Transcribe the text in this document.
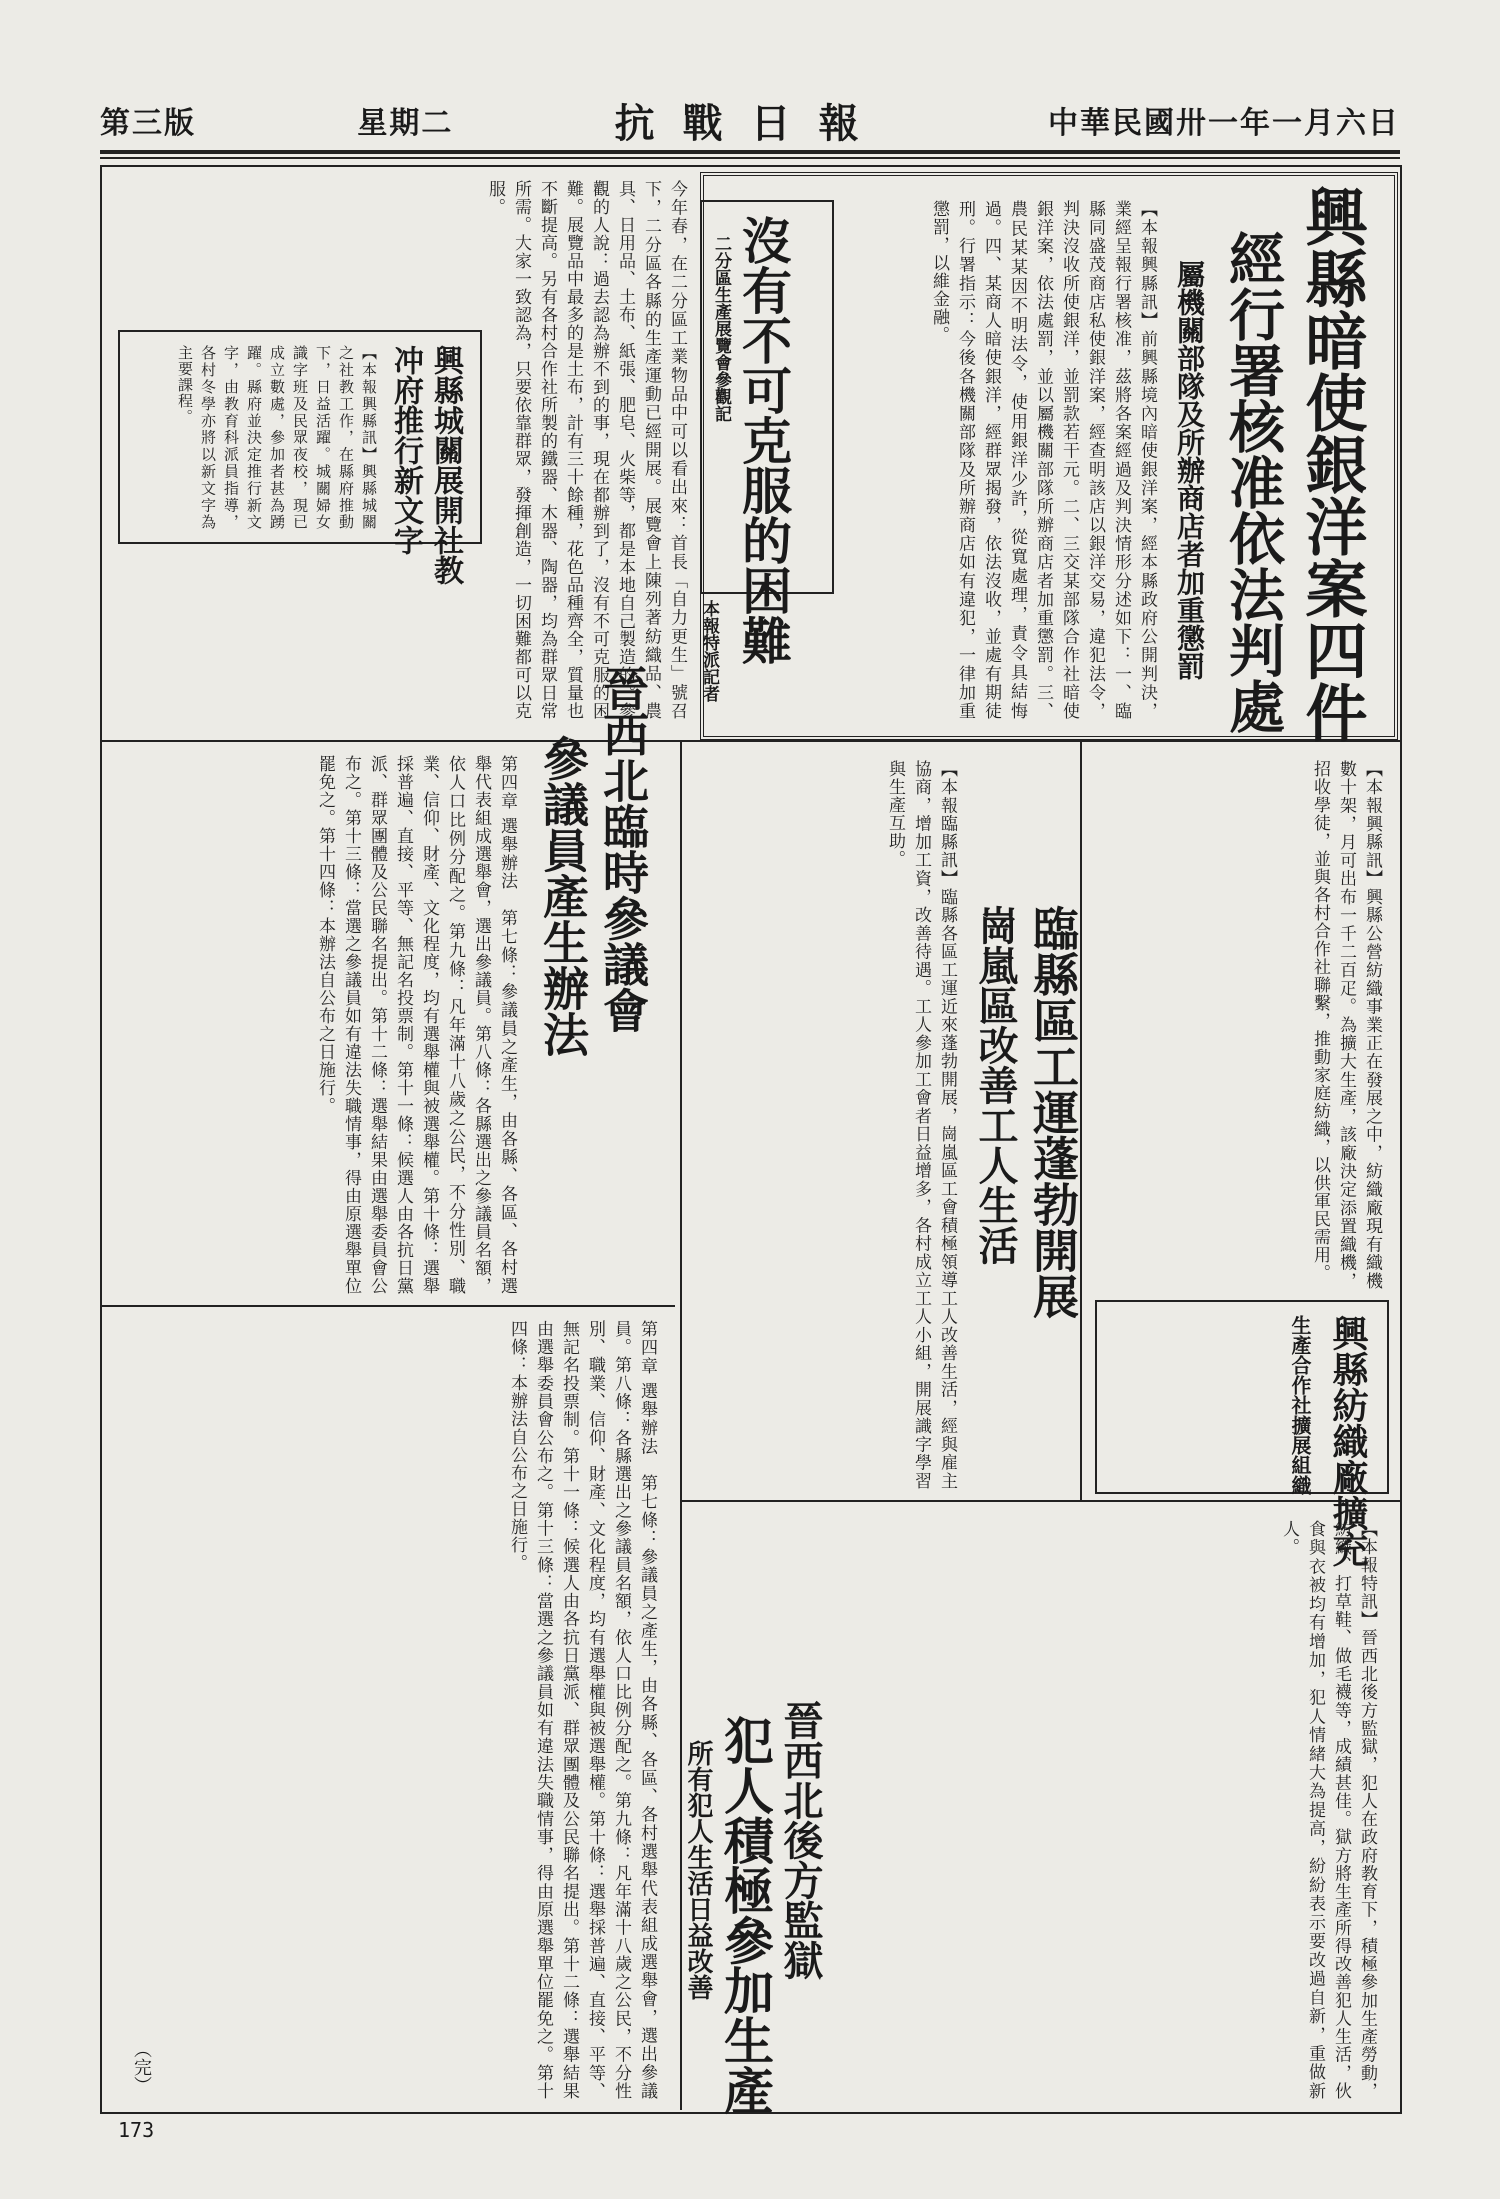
第三版	星期二	抗戰日報	中華民國卅一年一月六日
興縣暗使銀洋案四件
經行署核准依法判處
屬機關部隊及所辦商店者加重懲罰
【本報興縣訊】前興縣境內暗使銀洋案，經本縣政府公開判決，業經呈報行署核准，茲將各案經過及判決情形分述如下：一、臨縣同盛茂商店私使銀洋案，經查明該店以銀洋交易，違犯法令，判決沒收所使銀洋，並罰款若干元。二、三交某部隊合作社暗使銀洋案，依法處罰，並以屬機關部隊所辦商店者加重懲罰。三、農民某某因不明法令，使用銀洋少許，從寬處理，責令具結悔過。四、某商人暗使銀洋，經群眾揭發，依法沒收，並處有期徒刑。行署指示：今後各機關部隊及所辦商店如有違犯，一律加重懲罰，以維金融。
沒有不可克服的困難
二分區生產展覽會參觀記
本報特派記者
今年春，在二分區工業物品中可以看出來：首長「自力更生」號召下，二分區各縣的生產運動已經開展。展覽會上陳列著紡織品、農具、日用品、土布、紙張、肥皂、火柴等，都是本地自己製造的。參觀的人說：過去認為辦不到的事，現在都辦到了，沒有不可克服的困難。展覽品中最多的是土布，計有三十餘種，花色品種齊全，質量也不斷提高。另有各村合作社所製的鐵器、木器、陶器，均為群眾日常所需。大家一致認為，只要依靠群眾，發揮創造，一切困難都可以克服。
興縣城關展開社教
冲府推行新文字
【本報興縣訊】興縣城關之社教工作，在縣府推動下，日益活躍。城關婦女識字班及民眾夜校，現已成立數處，參加者甚為踴躍。縣府並決定推行新文字，由教育科派員指導，各村冬學亦將以新文字為主要課程。
晉西北臨時參議會
參議員產生辦法
第四章 選舉辦法　第七條：參議員之產生，由各縣、各區、各村選舉代表組成選舉會，選出參議員。第八條：各縣選出之參議員名額，依人口比例分配之。第九條：凡年滿十八歲之公民，不分性別、職業、信仰、財產、文化程度，均有選舉權與被選舉權。第十條：選舉採普遍、直接、平等、無記名投票制。第十一條：候選人由各抗日黨派、群眾團體及公民聯名提出。第十二條：選舉結果由選舉委員會公布之。第十三條：當選之參議員如有違法失職情事，得由原選舉單位罷免之。第十四條：本辦法自公布之日施行。	臨縣區工運蓬勃開展
崗嵐區改善工人生活
【本報臨縣訊】臨縣各區工運近來蓬勃開展，崗嵐區工會積極領導工人改善生活，經與雇主協商，增加工資，改善待遇。工人參加工會者日益增多，各村成立工人小組，開展識字學習與生產互助。
興縣紡織廠擴充
生產合作社擴展組織
【本報興縣訊】興縣公營紡織事業正在發展之中，紡織廠現有織機數十架，月可出布一千二百疋。為擴大生產，該廠決定添置織機，招收學徒，並與各村合作社聯繫，推動家庭紡織，以供軍民需用。
晉西北後方監獄
犯人積極參加生產
所有犯人生活日益改善	【本報特訊】晉西北後方監獄，犯人在政府教育下，積極參加生產勞動，紡織、打草鞋、做毛襪等，成績甚佳。獄方將生產所得改善犯人生活，伙食與衣被均有增加，犯人情緒大為提高，紛紛表示要改過自新，重做新人。
第四章 選舉辦法　第七條：參議員之產生，由各縣、各區、各村選舉代表組成選舉會，選出參議員。第八條：各縣選出之參議員名額，依人口比例分配之。第九條：凡年滿十八歲之公民，不分性別、職業、信仰、財產、文化程度，均有選舉權與被選舉權。第十條：選舉採普遍、直接、平等、無記名投票制。第十一條：候選人由各抗日黨派、群眾團體及公民聯名提出。第十二條：選舉結果由選舉委員會公布之。第十三條：當選之參議員如有違法失職情事，得由原選舉單位罷免之。第十四條：本辦法自公布之日施行。
（完）
173
